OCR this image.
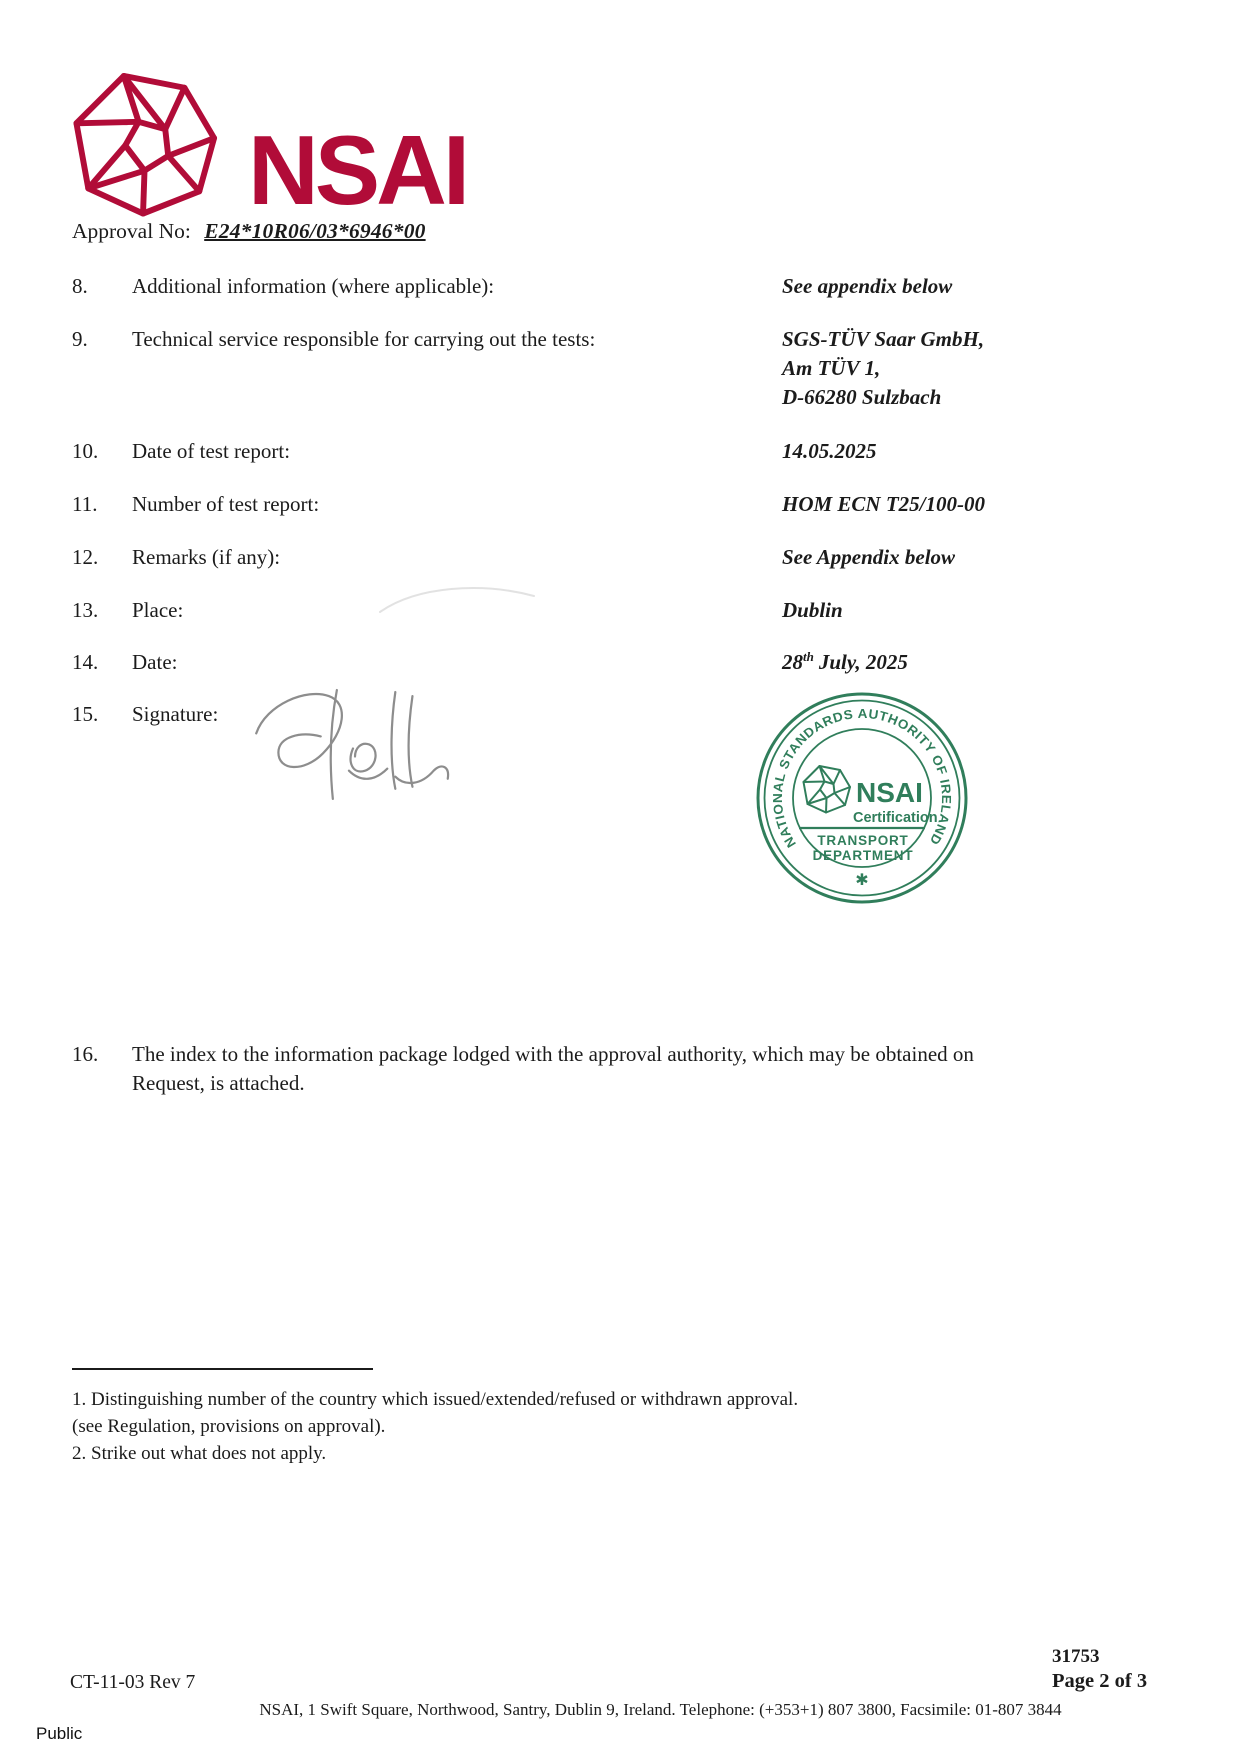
NSAI
Approval No: E24*10R06/03*6946*00
8. Additional information (where applicable):	See appendix below
9. Technical service responsible for carrying out the tests:	SGS-TÜV Saar GmbH,
Am TÜV 1,
D-66280 Sulzbach
10. Date of test report:	14.05.2025
11. Number of test report:	HOM ECN T25/100-00
12. Remarks (if any):	See Appendix below
13. Place:	Dublin
14. Date:	28th July, 2025
15. Signature:
NATIONAL STANDARDS AUTHORITY OF IRELAND
✱
NSAI
Certification
TRANSPORT
DEPARTMENT
16. The index to the information package lodged with the approval authority, which may be obtained on
Request, is attached.
1. Distinguishing number of the country which issued/extended/refused or withdrawn approval.
(see Regulation, provisions on approval).
2. Strike out what does not apply.
31753
CT-11-03 Rev 7	Page 2 of 3
NSAI, 1 Swift Square, Northwood, Santry, Dublin 9, Ireland. Telephone: (+353+1) 807 3800, Facsimile: 01-807 3844
Public
